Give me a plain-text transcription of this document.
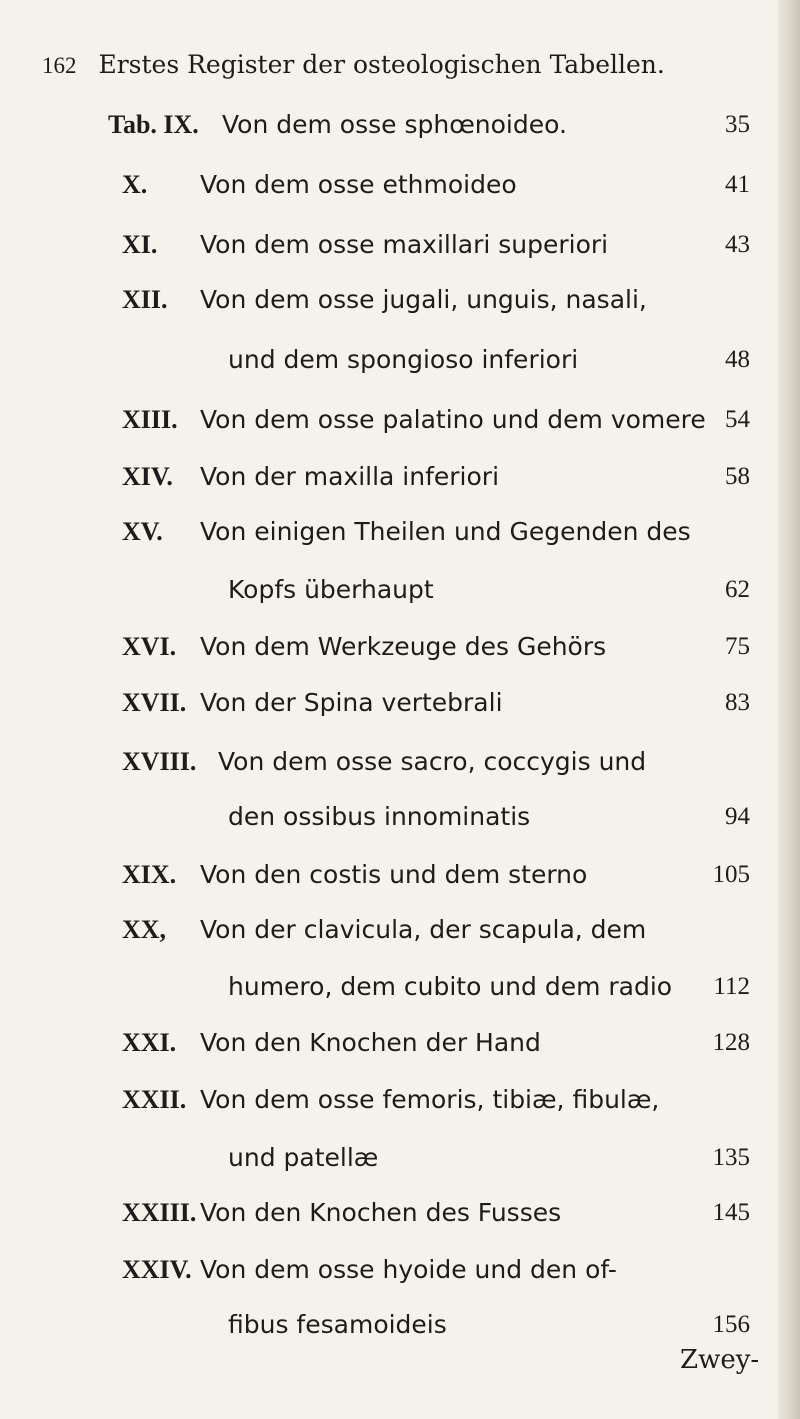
162 Erstes Register der osteologischen Tabellen.
Tab. IX. Von dem osse sphœnoideo.	35
X. Von dem osse ethmoideo	41
XI. Von dem osse maxillari superiori	43
XII. Von dem osse jugali, unguis, nasali,
und dem spongioso inferiori	48
XIII. Von dem osse palatino und dem vomere 54
XIV. Von der maxilla inferiori	58
XV. Von einigen Theilen und Gegenden des
Kopfs überhaupt	62
XVI. Von dem Werkzeuge des Gehörs	75
XVII. Von der Spina vertebrali	83
XVIII. Von dem osse sacro, coccygis und
den ossibus innominatis	94
XIX. Von den costis und dem sterno	105
XX, Von der clavicula, der scapula, dem
humero, dem cubito und dem radio 112
XXI. Von den Knochen der Hand	128
XXII. Von dem osse femoris, tibiæ, fibulæ,
und patellæ	135
XXIII. Von den Knochen des Fusses	145
XXIV. Von dem osse hyoide und den of-
fibus fesamoideis	156
Zwey-
